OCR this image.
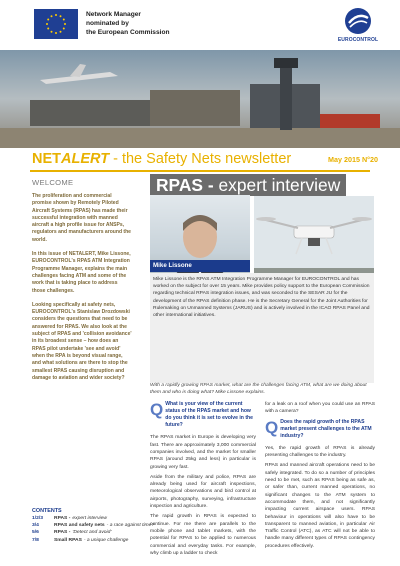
Network Manager
nominated by
the European Commission
EUROCONTROL
NETALERT - the Safety Nets newsletter	May 2015 N°20
WELCOME

The proliferation and commercial promise shown by Remotely Piloted Aircraft Systems (RPAS) has made their successful integration with manned aircraft a high profile issue for ANSPs, regulators and manufacturers around the world.

In this issue of NETALERT, Mike Lissone, EUROCONTROL's RPAS ATM Integration Programme Manager, explains the main challenges facing ATM and some of the work that is taking place to address those challenges.

Looking specifically at safety nets, EUROCONTROL's Stanislaw Drozdowski considers the questions that need to be answered for RPAS. We also look at the subject of RPAS and 'collision avoidance' in its broadest sense – how does an RPAS pilot undertake 'see and avoid' when the RPA is beyond visual range, and what solutions are there to stop the smallest RPAS causing disruption and damage to aviation and wider society?

RPAS - expert interview
Mike Lissone
Mike Lissone is the RPAS ATM Integration Programme Manager for EUROCONTROL and has worked on the subject for over 15 years. Mike provides policy support to the European Commission regarding technical RPAS integration issues, and was seconded to the SESAR JU for the development of the RPAS definition phase. He is the Secretary General for the Joint Authorities for Rulemaking on Unmanned Systems (JARUS) and is actively involved in the ICAO RPAS Panel and other international initiatives.
With a rapidly growing RPAS market, what are the challenges facing ATM, what are we doing about them and who is doing what? Mike Lissone explains.
Q What is your view of the current status of the RPAS market and how do you think it is set to evolve in the future?

The RPAS market in Europe is developing very fast. There are approximately 3,000 commercial companies involved, and the market for smaller RPAS (around 25kg and less) in particular is growing very fast.

Aside from the military and police, RPAS are already being used for aircraft inspections, meteorological observations and bird control at airports, photography, surveying, infrastructure inspection and agriculture.

The rapid growth in RPAS is expected to continue. For me there are parallels to the mobile phone and tablet markets, with the potential for RPAS to be applied to numerous commercial and everyday tasks. For example, why climb up a ladder to check

for a leak on a roof when you could use an RPAS with a camera?

Q Does the rapid growth of the RPAS market present challenges to the ATM industry?

Yes, the rapid growth of RPAS is already presenting challenges to the industry.

RPAS and manned aircraft operations need to be safely integrated. To do so a number of principles need to be met, such as RPAS being as safe as, or safer than, current manned operations, no significant changes to the ATM system to accommodate them, and not significantly impacting current airspace users. RPAS behaviour in operations will also have to be transparent to manned aviation, in particular Air Traffic Control (ATC), as ATC will not be able to handle many different types of RPAS contingency procedures effectively.

CONTENTS
1/2/3	RPAS - expert interview
3/4	RPAS and safety nets - a race against time?
5/6	RPAS - 'Detect and avoid'
7/8	Small RPAS - a unique challenge
